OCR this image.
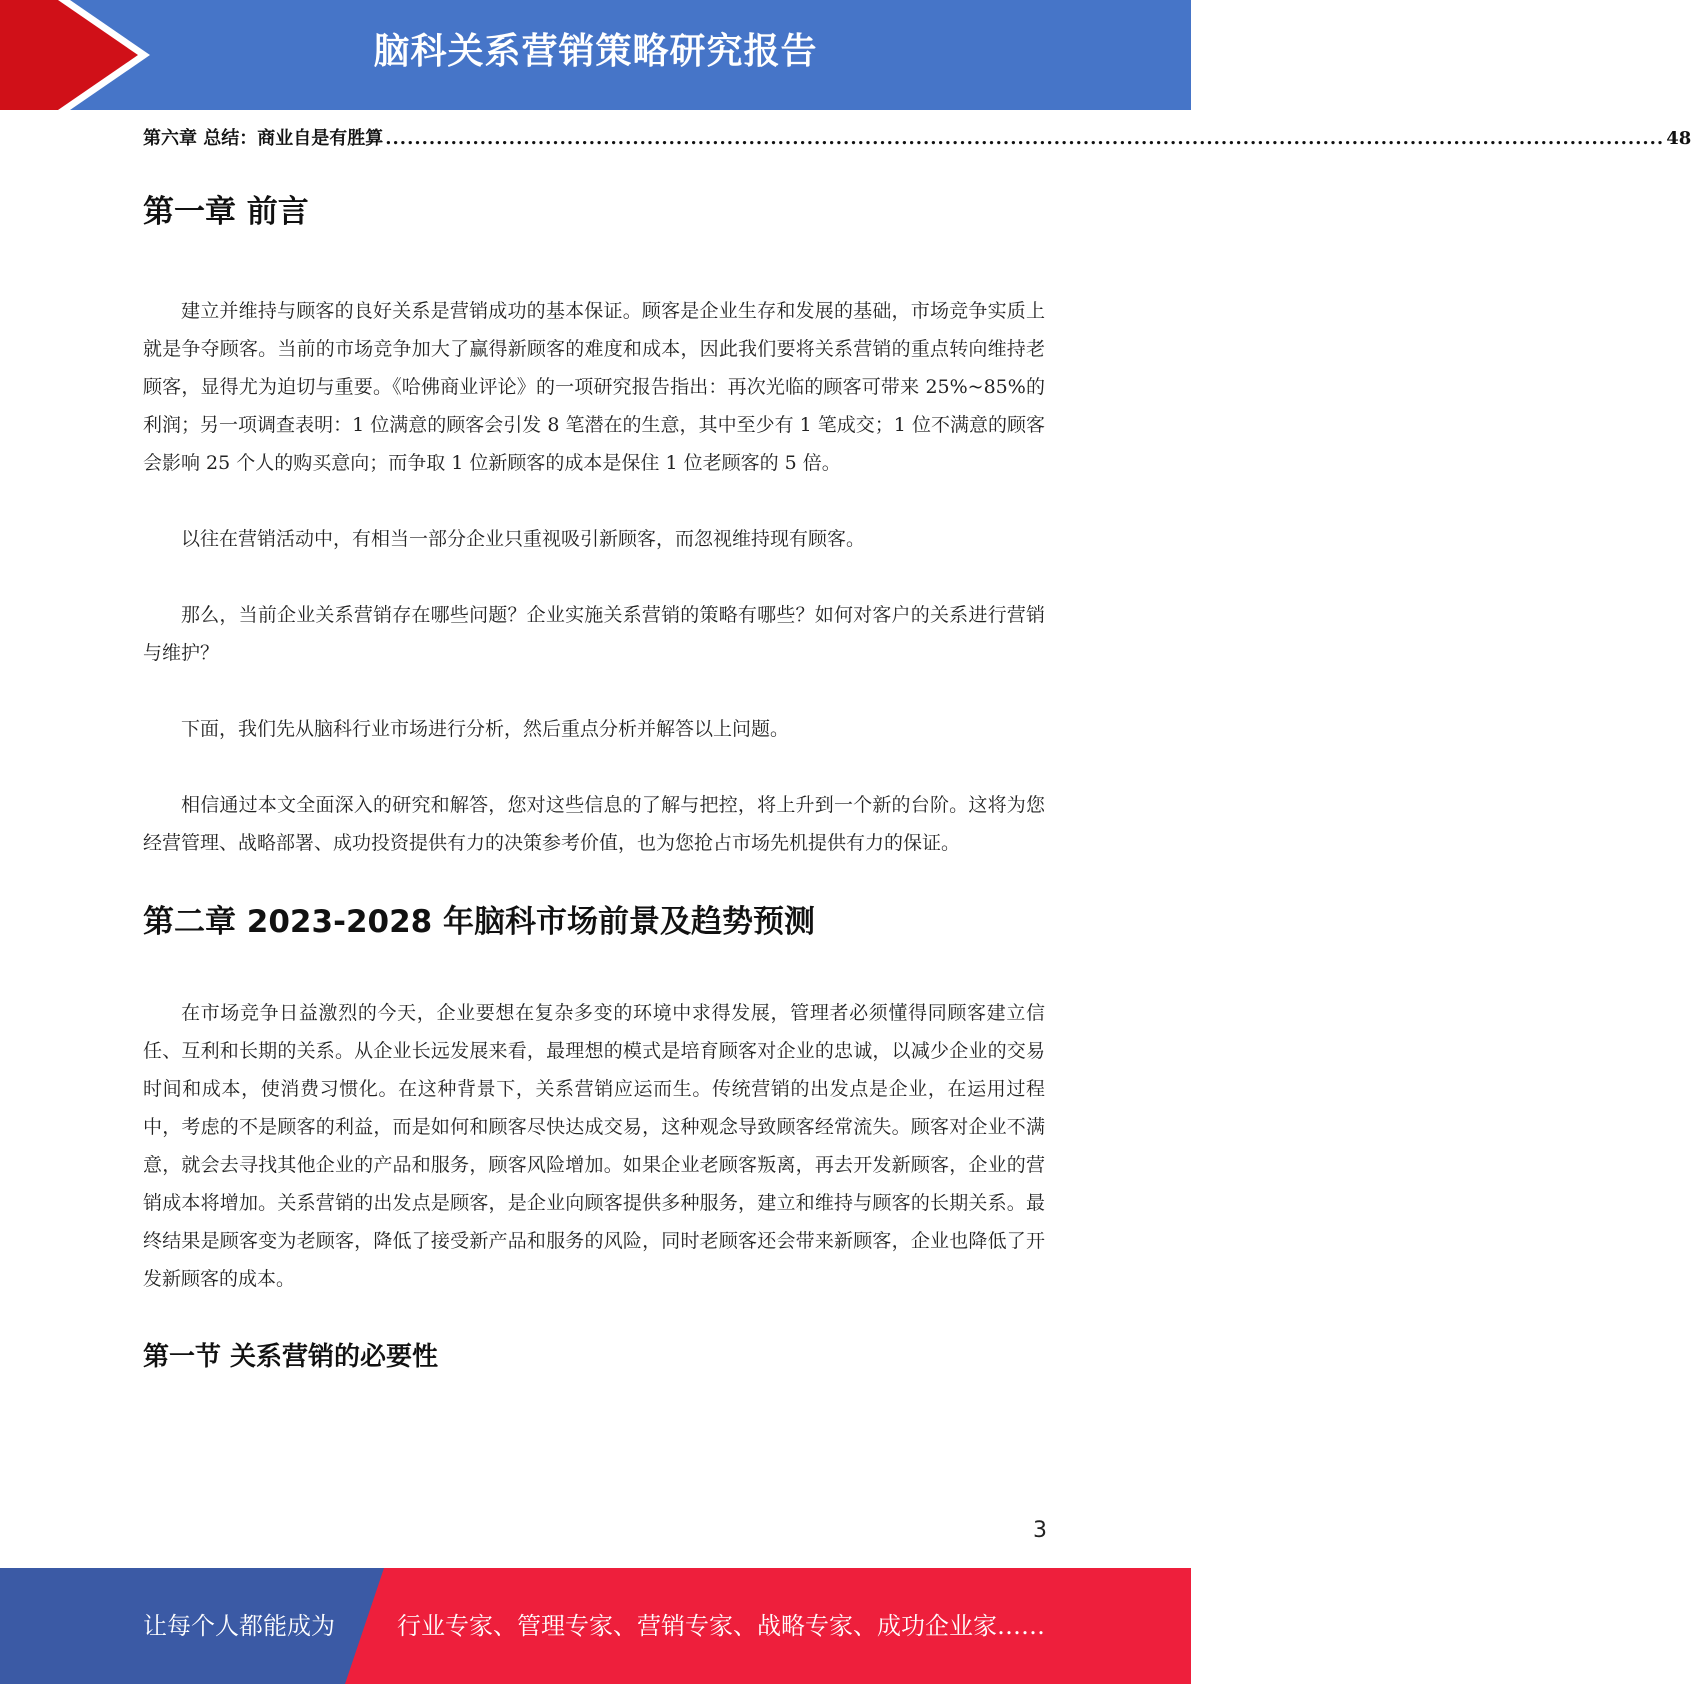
脑科关系营销策略研究报告
第六章 总结：商业自是有胜算 ................................................................................................................................................................................ 48
第一章 前言

建立并维持与顾客的良好关系是营销成功的基本保证。顾客是企业生存和发展的基础，市场竞争实质上就是争夺顾客。当前的市场竞争加大了赢得新顾客的难度和成本，因此我们要将关系营销的重点转向维持老顾客，显得尤为迫切与重要。《哈佛商业评论》的一项研究报告指出：再次光临的顾客可带来 25%~85%的利润；另一项调查表明：1 位满意的顾客会引发 8 笔潜在的生意，其中至少有 1 笔成交；1 位不满意的顾客会影响 25 个人的购买意向；而争取 1 位新顾客的成本是保住 1 位老顾客的 5 倍。

以往在营销活动中，有相当一部分企业只重视吸引新顾客，而忽视维持现有顾客。

那么，当前企业关系营销存在哪些问题？企业实施关系营销的策略有哪些？如何对客户的关系进行营销与维护？

下面，我们先从脑科行业市场进行分析，然后重点分析并解答以上问题。

相信通过本文全面深入的研究和解答，您对这些信息的了解与把控，将上升到一个新的台阶。这将为您经营管理、战略部署、成功投资提供有力的决策参考价值，也为您抢占市场先机提供有力的保证。

第二章 2023-2028 年脑科市场前景及趋势预测

在市场竞争日益激烈的今天，企业要想在复杂多变的环境中求得发展，管理者必须懂得同顾客建立信任、互利和长期的关系。从企业长远发展来看，最理想的模式是培育顾客对企业的忠诚，以减少企业的交易时间和成本，使消费习惯化。在这种背景下，关系营销应运而生。传统营销的出发点是企业，在运用过程中，考虑的不是顾客的利益，而是如何和顾客尽快达成交易，这种观念导致顾客经常流失。顾客对企业不满意，就会去寻找其他企业的产品和服务，顾客风险增加。如果企业老顾客叛离，再去开发新顾客，企业的营销成本将增加。关系营销的出发点是顾客，是企业向顾客提供多种服务，建立和维持与顾客的长期关系。最终结果是顾客变为老顾客，降低了接受新产品和服务的风险，同时老顾客还会带来新顾客，企业也降低了开发新顾客的成本。

第一节 关系营销的必要性
3
让每个人都能成为	行业专家、管理专家、营销专家、战略专家、成功企业家……
